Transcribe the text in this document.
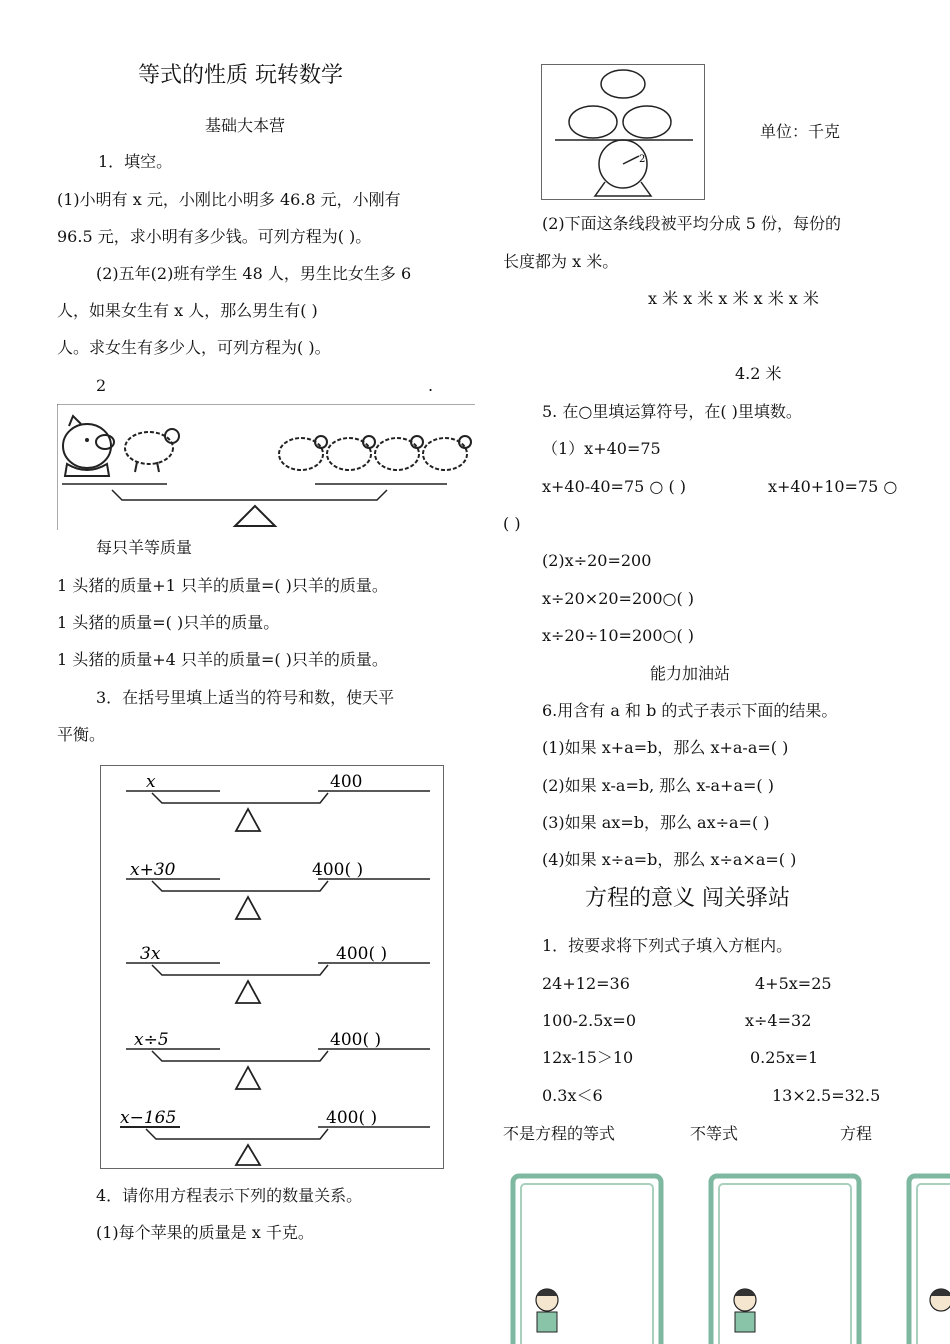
等式的性质 玩转数学
基础大本营
1．填空。
(1)小明有 x 元，小刚比小明多 46.8 元，小刚有
96.5 元，求小明有多少钱。可列方程为( )。
(2)五年(2)班有学生 48 人，男生比女生多 6
人，如果女生有 x 人，那么男生有( )
人。求女生有多少人，可列方程为( )。
2	.
每只羊等质量
1 头猪的质量+1 只羊的质量=( )只羊的质量。
1 头猪的质量=( )只羊的质量。
1 头猪的质量+4 只羊的质量=( )只羊的质量。
3．在括号里填上适当的符号和数，使天平
平衡。
x	400
x+30	400( )
3x	400( )
x÷5	400( )
x−165	400( )
4．请你用方程表示下列的数量关系。
(1)每个苹果的质量是 x 千克。
2
单位：千克
(2)下面这条线段被平均分成 5 份，每份的
长度都为 x 米。
x 米 x 米 x 米 x 米 x 米
4.2 米
5. 在○里填运算符号，在( )里填数。
（1）x+40=75
x+40-40=75 ○ ( )	x+40+10=75 ○
( )
(2)x÷20=200
x÷20×20=200○( )
x÷20÷10=200○( )
能力加油站
6.用含有 a 和 b 的式子表示下面的结果。
(1)如果 x+a=b，那么 x+a-a=( )
(2)如果 x-a=b, 那么 x-a+a=( )
(3)如果 ax=b，那么 ax÷a=( )
(4)如果 x÷a=b，那么 x÷a×a=( )
方程的意义 闯关驿站
1．按要求将下列式子填入方框内。
24+12=36	4+5x=25
100-2.5x=0	x÷4=32
12x-15＞10	0.25x=1
0.3x＜6	13×2.5=32.5
不是方程的等式	不等式	方程
